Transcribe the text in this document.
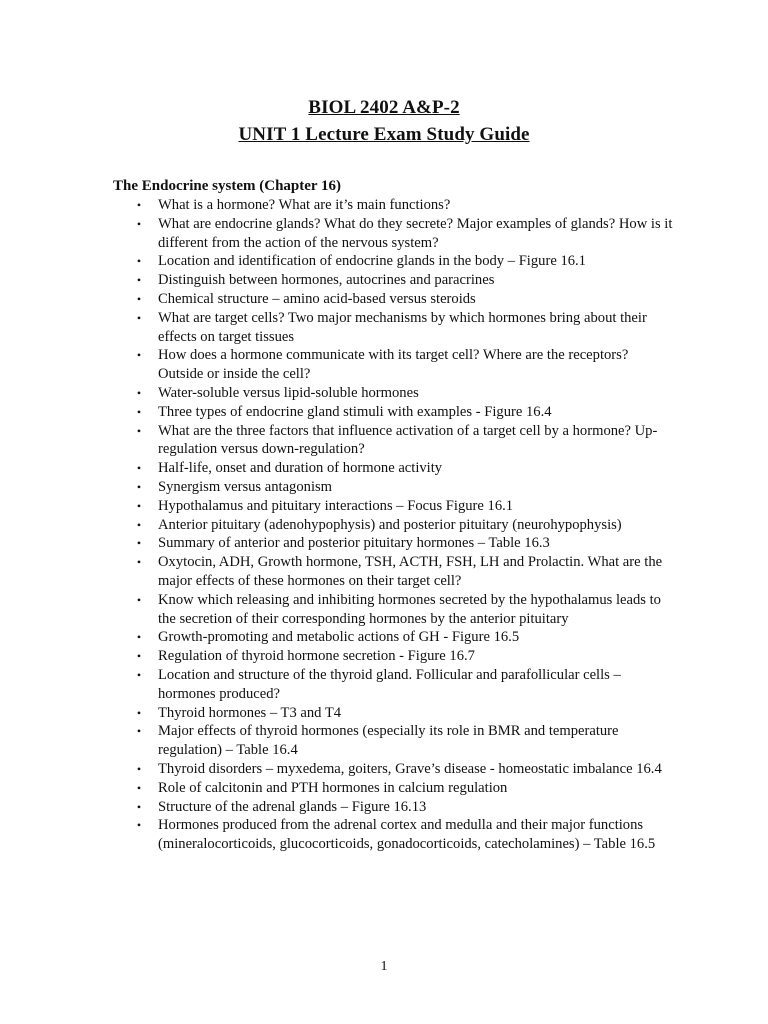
BIOL 2402 A&P-2
UNIT 1 Lecture Exam Study Guide
The Endocrine system (Chapter 16)
• What is a hormone? What are it’s main functions?
• What are endocrine glands? What do they secrete? Major examples of glands? How is it different from the action of the nervous system?
• Location and identification of endocrine glands in the body – Figure 16.1
• Distinguish between hormones, autocrines and paracrines
• Chemical structure – amino acid-based versus steroids
• What are target cells? Two major mechanisms by which hormones bring about their effects on target tissues
• How does a hormone communicate with its target cell? Where are the receptors? Outside or inside the cell?
• Water-soluble versus lipid-soluble hormones
• Three types of endocrine gland stimuli with examples - Figure 16.4
• What are the three factors that influence activation of a target cell by a hormone? Up-regulation versus down-regulation?
• Half-life, onset and duration of hormone activity
• Synergism versus antagonism
• Hypothalamus and pituitary interactions – Focus Figure 16.1
• Anterior pituitary (adenohypophysis) and posterior pituitary (neurohypophysis)
• Summary of anterior and posterior pituitary hormones – Table 16.3
• Oxytocin, ADH, Growth hormone, TSH, ACTH, FSH, LH and Prolactin. What are the major effects of these hormones on their target cell?
• Know which releasing and inhibiting hormones secreted by the hypothalamus leads to the secretion of their corresponding hormones by the anterior pituitary
• Growth-promoting and metabolic actions of GH - Figure 16.5
• Regulation of thyroid hormone secretion - Figure 16.7
• Location and structure of the thyroid gland. Follicular and parafollicular cells – hormones produced?
• Thyroid hormones – T3 and T4
• Major effects of thyroid hormones (especially its role in BMR and temperature regulation) – Table 16.4
• Thyroid disorders – myxedema, goiters, Grave’s disease - homeostatic imbalance 16.4
• Role of calcitonin and PTH hormones in calcium regulation
• Structure of the adrenal glands – Figure 16.13
• Hormones produced from the adrenal cortex and medulla and their major functions (mineralocorticoids, glucocorticoids, gonadocorticoids, catecholamines) – Table 16.5
1
